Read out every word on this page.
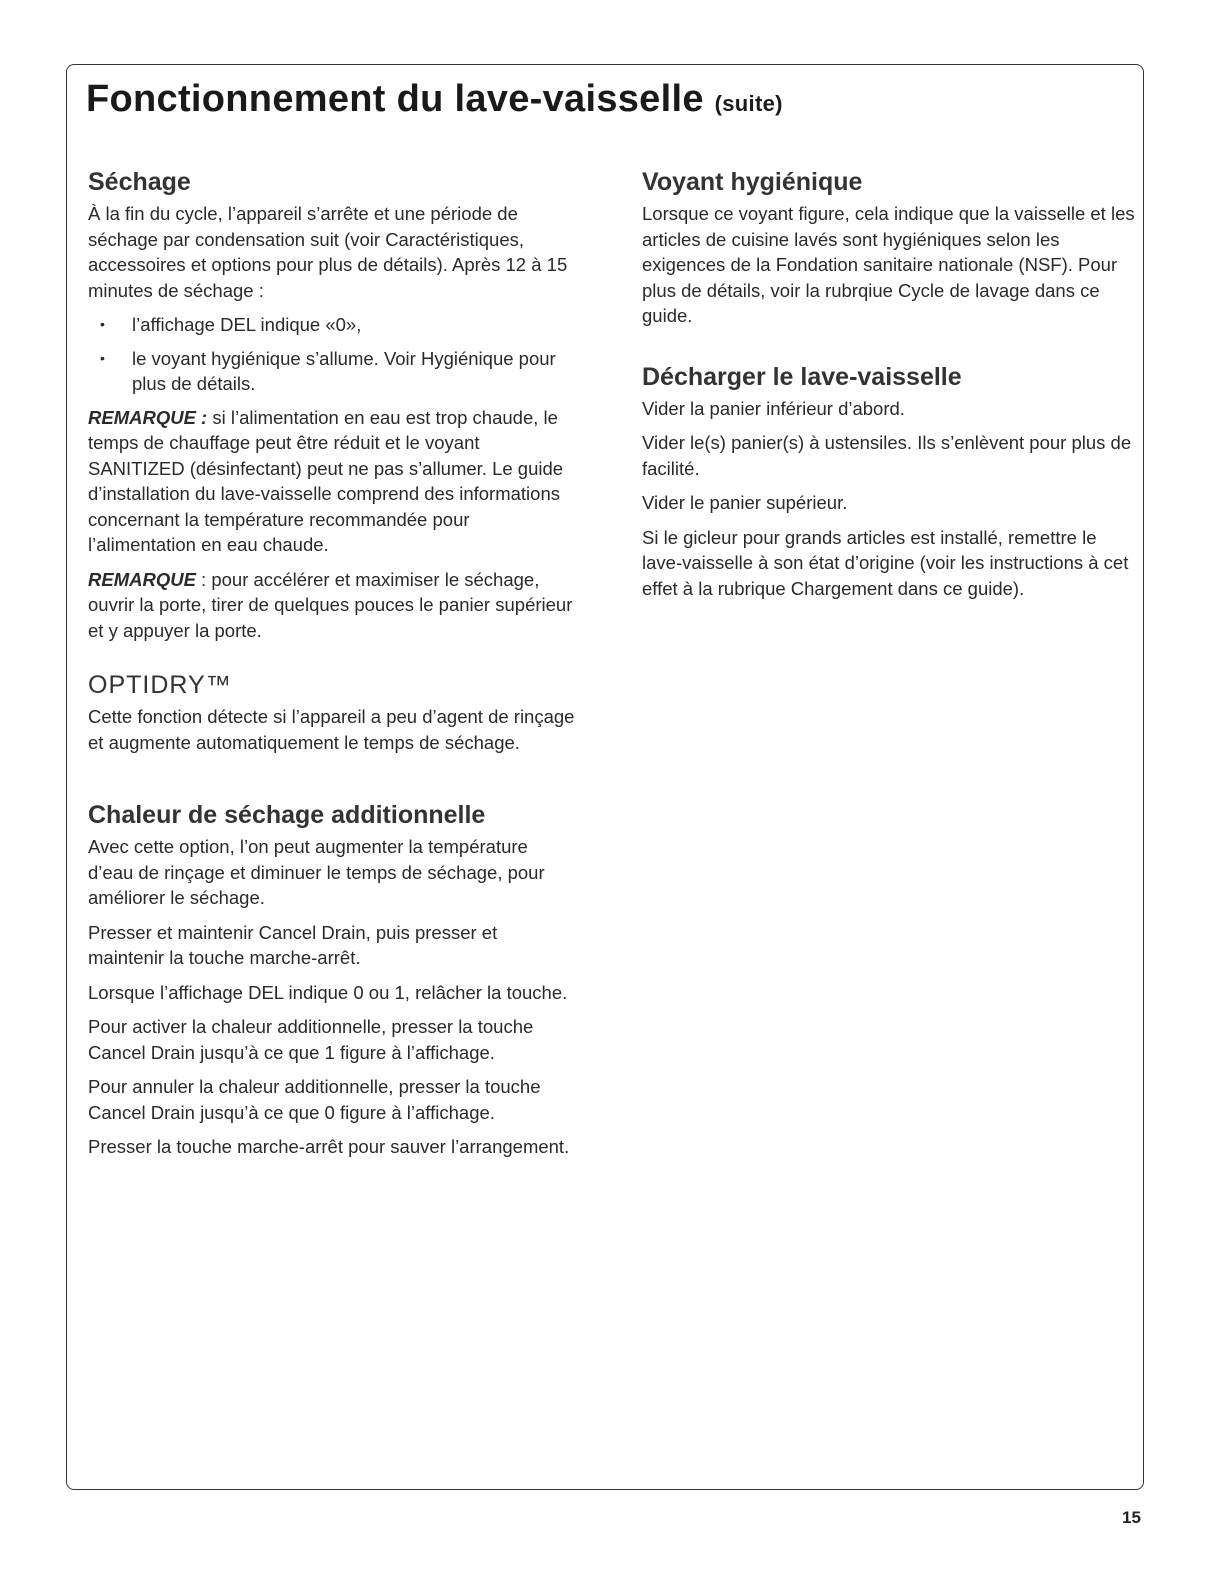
Fonctionnement du lave-vaisselle (suite)
Séchage

À la fin du cycle, l’appareil s’arrête et une période de séchage par condensation suit (voir Caractéristiques, accessoires et options pour plus de détails). Après 12 à 15 minutes de séchage :

• l’affichage DEL indique «0»,
• le voyant hygiénique s’allume. Voir Hygiénique pour plus de détails.

REMARQUE : si l’alimentation en eau est trop chaude, le temps de chauffage peut être réduit et le voyant SANITIZED (désinfectant) peut ne pas s’allumer. Le guide d’installation du lave-vaisselle comprend des informations concernant la température recommandée pour l’alimentation en eau chaude.

REMARQUE : pour accélérer et maximiser le séchage, ouvrir la porte, tirer de quelques pouces le panier supérieur et y appuyer la porte.

OPTIDRY™

Cette fonction détecte si l’appareil a peu d’agent de rinçage et augmente automatiquement le temps de séchage.

Chaleur de séchage additionnelle

Avec cette option, l’on peut augmenter la température d’eau de rinçage et diminuer le temps de séchage, pour améliorer le séchage.

Presser et maintenir Cancel Drain, puis presser et maintenir la touche marche-arrêt.

Lorsque l’affichage DEL indique 0 ou 1, relâcher la touche.

Pour activer la chaleur additionnelle, presser la touche Cancel Drain jusqu’à ce que 1 figure à l’affichage.

Pour annuler la chaleur additionnelle, presser la touche Cancel Drain jusqu’à ce que 0 figure à l’affichage.

Presser la touche marche-arrêt pour sauver l’arrangement.

Voyant hygiénique

Lorsque ce voyant figure, cela indique que la vaisselle et les articles de cuisine lavés sont hygiéniques selon les exigences de la Fondation sanitaire nationale (NSF). Pour plus de détails, voir la rubrqiue Cycle de lavage dans ce guide.

Décharger le lave-vaisselle

Vider la panier inférieur d’abord.

Vider le(s) panier(s) à ustensiles. Ils s’enlèvent pour plus de facilité.

Vider le panier supérieur.

Si le gicleur pour grands articles est installé, remettre le lave-vaisselle à son état d’origine (voir les instructions à cet effet à la rubrique Chargement dans ce guide).

15
